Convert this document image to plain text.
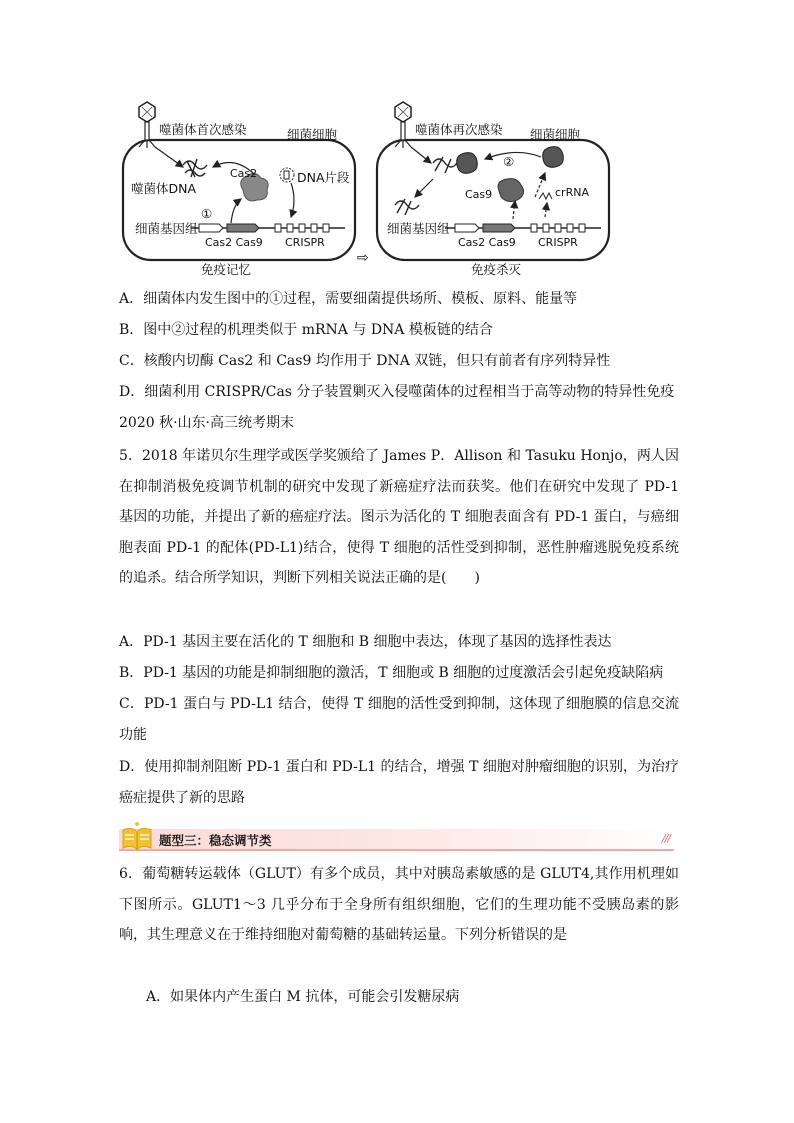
噬菌体首次感染	细菌细胞
噬菌体DNA
Cas2	DNA片段
①
细菌基因组
Cas2 Cas9 CRISPR
免疫记忆
⇨
噬菌体再次感染 细菌细胞
②
Cas9	crRNA
细菌基因组
Cas2 Cas9 CRISPR
免疫杀灭
A．细菌体内发生图中的①过程，需要细菌提供场所、模板、原料、能量等
B．图中②过程的机理类似于 mRNA 与 DNA 模板链的结合
C．核酸内切酶 Cas2 和 Cas9 均作用于 DNA 双链，但只有前者有序列特异性
D．细菌利用 CRISPR/Cas 分子装置剿灭入侵噬菌体的过程相当于高等动物的特异性免疫
2020 秋·山东·高三统考期末
5．2018 年诺贝尔生理学或医学奖颁给了 James P．Allison 和 Tasuku Honjo，两人因在抑制消极免疫调节机制的研究中发现了新癌症疗法而获奖。他们在研究中发现了 PD-1 基因的功能，并提出了新的癌症疗法。图示为活化的 T 细胞表面含有 PD-1 蛋白，与癌细胞表面 PD-1 的配体(PD-L1)结合，使得 T 细胞的活性受到抑制，恶性肿瘤逃脱免疫系统的追杀。结合所学知识，判断下列相关说法正确的是(　　)
A．PD-1 基因主要在活化的 T 细胞和 B 细胞中表达，体现了基因的选择性表达
B．PD-1 基因的功能是抑制细胞的激活，T 细胞或 B 细胞的过度激活会引起免疫缺陷病
C．PD-1 蛋白与 PD-L1 结合，使得 T 细胞的活性受到抑制，这体现了细胞膜的信息交流功能
D．使用抑制剂阻断 PD-1 蛋白和 PD-L1 的结合，增强 T 细胞对肿瘤细胞的识别，为治疗癌症提供了新的思路
题型三：稳态调节类	///
6．葡萄糖转运载体（GLUT）有多个成员，其中对胰岛素敏感的是 GLUT4,其作用机理如下图所示。GLUT1～3 几乎分布于全身所有组织细胞，它们的生理功能不受胰岛素的影响，其生理意义在于维持细胞对葡萄糖的基础转运量。下列分析错误的是
A．如果体内产生蛋白 M 抗体，可能会引发糖尿病
